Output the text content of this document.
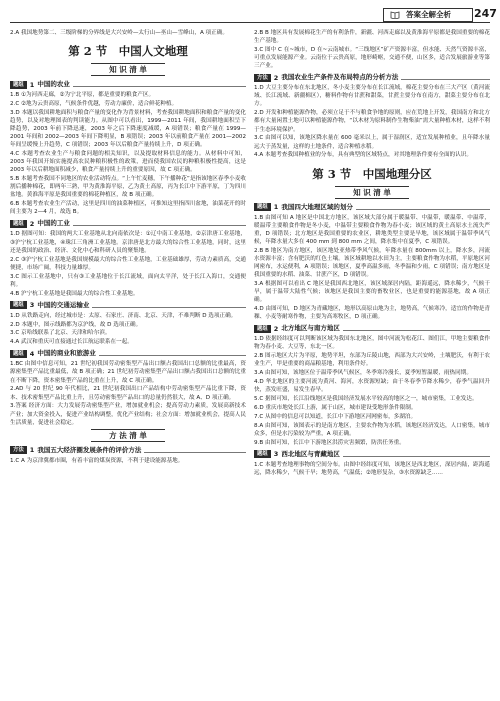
答案全解全析 247
2.A 我国地势第二、三级阶梯的分界线是大兴安岭—太行山—巫山—雪峰山，A 项正确。
第 2 节　中国人文地理
知 识 清 单
题组 1 中国的农业
1.B ①为河西走廊，②为宁北平原，都是重要的粮食产区。
2.C ②地为云贵高原，气候条件优越，劳动力廉价，适合鲜花种植。
3.D 本题以我国耕地面积与粮食产量的变化作为背景材料，考查我国耕地面积和粮食产量的变化趋势，以及对地理图表的判读能力。从图中可以看出，1999—2011 年间，我国耕地面积呈下降趋势，2003 年前下降迅速，2003 年之后下降速度减缓，A 项错误；粮食产量在 1999—2001 年间和 2002—2003 年间下降明显，B 项错误；2003 年以前粮食产量在 2001—2002 年间呈缓慢上升趋势，C 项错误；2003 年以后粮食产量持续上升，D 项正确。
4.C 本题考查农业生产与粮食问题的相关知识，以及提取材料信息的能力。从材料中可知，2003 年我国开始实施提高农民种粮积极性的政策，进而使我国农民的种粮积极性提高，这是 2003 年以后耕地面积减少，粮食产量持续上升的重要原因，故 C 项正确。
5.B 本题考查我国不同地区的农业活动特点。“上午忙麦穗，下午播种花”是指该地区春季小麦收割后播种棉花，即两年三熟，甲为黄淮海平原，乙为黄土高原，丙为长江中下游平原，丁为四川盆地。黄淮海平原是我国重要的棉花种植区，故 B 项正确。
6.B 本题考查农业生产活动，这里是四川的油菜种植区，可推知这里指四川盆地，油菜花开的时间主要为 2—4 月，故选 B。
题组 2 中国的工业
1.D 据图可知：我国的两大工业基地从北向南依次是：①辽中南工业基地，②京津唐工业基地，③沪宁杭工业基地，④珠江三角洲工业基地。京津唐是北方最大的综合性工业基地，同时，这里还是我国的政治、经济、文化中心和科研人员的聚集地。
2.C ③沪宁杭工业基地是我国规模最大的综合性工业基地，工业基础雄厚，劳动力素质高，交通便捷，市场广阔，科技力量雄厚。
3.C 图示工业基地中，只有③工业基地位于长江流域，面向太平洋，处于长江入海口，交通便利。
4.B 沪宁杭工业基地是我国最大的综合性工业基地。
题组 3 中国的交通运输业
1.D 从铁路走向，经过城市是：太原、石家庄、济南、北京、天津，不难判断 D 选项正确。
2.D 本题中，图示线路都为京沪线，故 D 选项正确。
3.C 京哈线联系了北京、天津和哈尔滨。
4.A 武汉和重庆可直接通过长江航运联系在一起。
题组 4 中国的商业和旅游业
1.BC 由图中信息可知，21 世纪初我国劳动密集型产品出口额占我国出口总额的比重最高，资源密集型产品比重最低，故 B 项正确；21 世纪初劳动密集型产品出口额占我国出口总额的比重在不断下降，资本密集型产品的比重在上升，故 C 项正确。
2.AD 与 20 世纪 90 年代相比，21 世纪初我国出口产品结构中劳动密集型产品比重下降，资本、技术密集型产品比重上升，且劳动密集型产品出口的总量仍然很大，故 A、D 项正确。
3.答案 经济方面：大力发展劳动密集型产业，增加就业机会；提高劳动力素质，发展高新技术产业；加大资金投入，促进产业结构调整，优化产业结构；社会方面：增加就业机会，提高人民生活质量，促进社会稳定。
方 法 清 单
方法 1 我国五大经济圈发展条件的评价方法
1.C A 为京津冀都市圈，有着丰富的煤炭资源，不利于建设能源基地。
2.B B 地区具有发展棉花生产的有利条件，新疆、河西走廊以及黄淮海平原都是我国重要的棉花生产基地。
3.C 图中 C 在~城市，D 在~云南城市。“三线地区”矿产资源丰富，但水能、天然气资源丰富，可重点发展能源产业。云南位于云贵高原，地形崎岖，交通不便，山区多，适合发展旅游业等第三产业。
方法 2 我国农业生产条件及布局特点的分析方法
1.D 大豆主要分布在东北地区，冬小麦主要分布在长江流域，棉花主要分布在三大产区（黄河流域、长江流域、新疆棉区），糖料作物有甘蔗和甜菜，甘蔗主要分布在南方，甜菜主要分布在北方。
2.D 开发和种植能源作物，必须立足于不与粮食争地的原则，应在荒地上开发，我国南方和北方都有大量闲置土地可以种植能源作物，“以木材为原料制作生物柴油”需大量种植木材，这样不利于生态环境保护。
3.C 由图可以知，该地区降水量在 600 毫米以上，属于湿润区，适宜发展种植业，且年降水量远大于蒸发量，这样的土地条件，适合种植水稻。
4.A 本题考查我国种植业的分布，具有典型的区域特点，对其地理条件要有全面的认识。
第 3 节　中国地理分区
知 识 清 单
题组 1 我国四大地理区域的划分
1.B 由图可知 A 地区是中国北方地区，该区域大部分属于暖温带、中温带，暖温带、中温带，暖温带主要粮食作物是冬小麦，中温带主要粮食作物为春小麦；该区域的黄土高原水土流失严重，D 项错误；北方地区是我国重要的农业区，耕地类型主要是旱地，该区域属于温带季风气候，年降水量大多在 400 mm 到 800 mm 之间，降水集中在夏季，C 项错误。
2.B B 地区为南方地区，该区地处亚热带季风气候，年降水量在 800mm 以上，降水多，河流水资源丰富；含有肥沃的红色土壤。该区域耕地以水田为主，主要粮食作物为水稻，平原地区河网密布，水运便利，A 项错误；该地区，夏季高温多雨，冬季温和少雨，C 项错误；南方地区是我国重要的水稻、油菜、甘蔗产区，D 项错误。
3.A 根据图可以看出 C 地区是我国西北地区，该区域深居内陆，距海遥远，降水稀少，气候干旱，属于温带大陆性气候；该地区是我国主要的畜牧业区，也是重要的能源基地，故 A 项正确。
4.D 由图可知，D 地区为青藏地区，地形以高原山地为主，地势高，气候寒冷，适宜的作物是青稞、小麦等耐寒作物，主要为高寒牧区，D 项正确。
题组 2 北方地区与南方地区
1.D 依据经纬度可以判断该区域为我国东北地区，图中河流为松花江、图们江，甲地主要粮食作物为春小麦、大豆等，东北一区。
2.B 图示地区大片为平原，地势平坦，东部为丘陵山地，西部为大兴安岭，土壤肥沃，有利于农业生产，甲是重要的商品粮基地，利用条件好。
3.A 由图可知，该地区位于温带季风气候区，冬季寒冷漫长，夏季短暂温暖，雨热同期。
4.D 华北地区的主要河流为黄河、海河，水资源短缺；由于冬春季节降水稀少，春季气温回升快，蒸发旺盛，易发生春旱。
5.C 据图可知，长江沿线地区是我国经济发展水平较高的地区之一，城市密集，工业发达。
6.D 重庆市地处长江上游，属于山区，城市建设受地形条件限制。
7.C 从图中的信息可以知道，长江中下游地区河网密布，多湖泊。
8.A 由图可知，该图表示的是南方地区，主要农作物为水稻，该地区经济发达，人口密集，城市众多，但是水污染较为严重，A 项正确。
9.B 由图可知，长江中下游地区洪涝灾害频繁，防洪任务重。
题组 3 西北地区与青藏地区
1.C 本题考查地理事物的空间分布。由图中经纬度可知，该地区是西北地区，深居内陆，距海遥远，降水稀少，气候干旱；地势高，气温低；②地形复杂，③水资源缺乏……
